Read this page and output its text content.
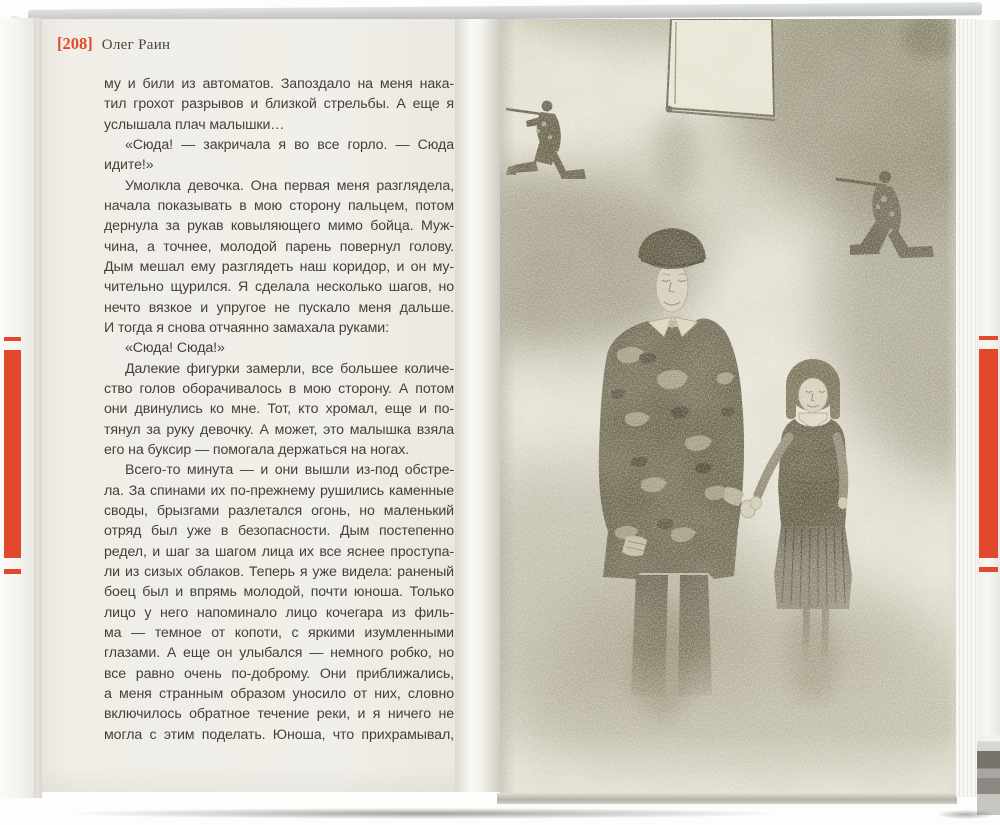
[208] Олег Раин
му и били из автоматов. Запоздало на меня нака-
тил грохот разрывов и близкой стрельбы. А еще я
услышала плач малышки…
«Сюда! — закричала я во все горло. — Сюда
идите!»
Умолкла девочка. Она первая меня разглядела,
начала показывать в мою сторону пальцем, потом
дернула за рукав ковыляющего мимо бойца. Муж-
чина, а точнее, молодой парень повернул голову.
Дым мешал ему разглядеть наш коридор, и он му-
чительно щурился. Я сделала несколько шагов, но
нечто вязкое и упругое не пускало меня дальше.
И тогда я снова отчаянно замахала руками:
«Сюда! Сюда!»
Далекие фигурки замерли, все большее количе-
ство голов оборачивалось в мою сторону. А потом
они двинулись ко мне. Тот, кто хромал, еще и по-
тянул за руку девочку. А может, это малышка взяла
его на буксир — помогала держаться на ногах.
Всего-то минута — и они вышли из-под обстре-
ла. За спинами их по-прежнему рушились каменные
своды, брызгами разлетался огонь, но маленький
отряд был уже в безопасности. Дым постепенно
редел, и шаг за шагом лица их все яснее проступа-
ли из сизых облаков. Теперь я уже видела: раненый
боец был и впрямь молодой, почти юноша. Только
лицо у него напоминало лицо кочегара из филь-
ма — темное от копоти, с яркими изумленными
глазами. А еще он улыбался — немного робко, но
все равно очень по-доброму. Они приближались,
а меня странным образом уносило от них, словно
включилось обратное течение реки, и я ничего не
могла с этим поделать. Юноша, что прихрамывал,
